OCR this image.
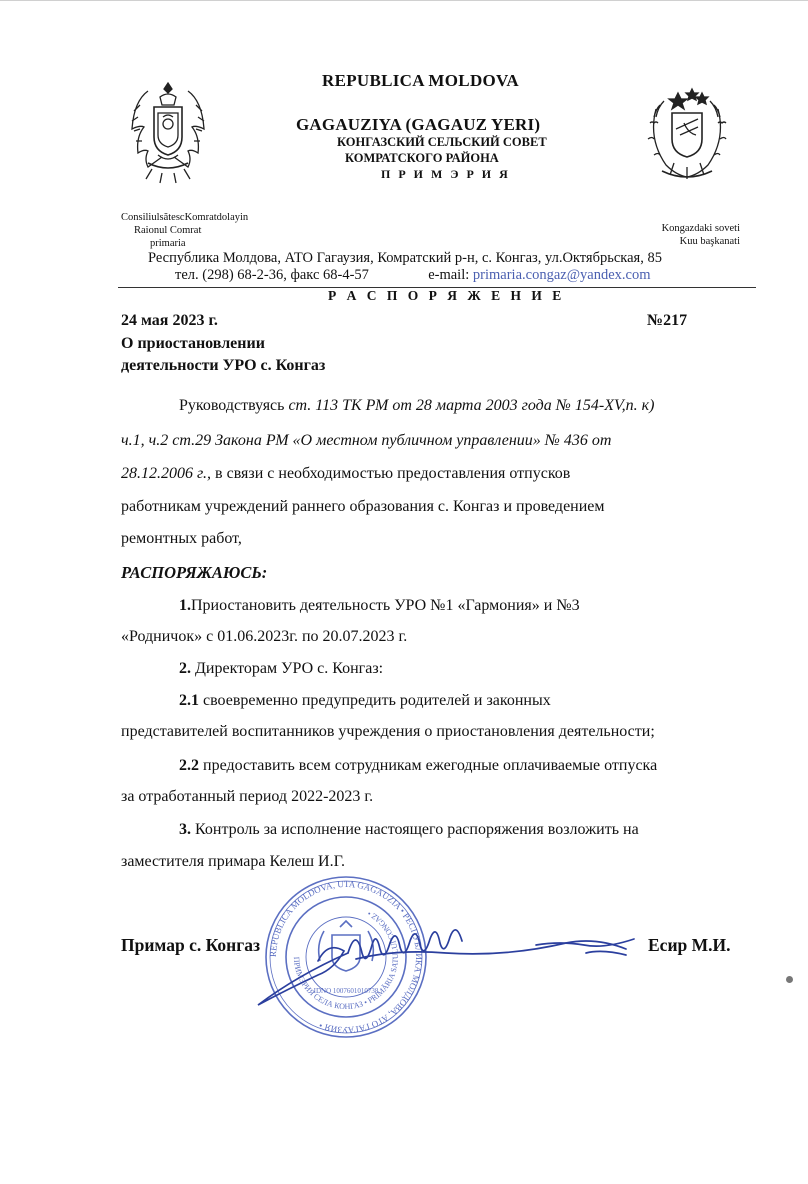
REPUBLICA MOLDOVA
GAGAUZIYA (GAGAUZ YERI)
КОНГАЗСКИЙ СЕЛЬСКИЙ СОВЕТ
КОМРАТСКОГО РАЙОНА
П Р И М Э Р И Я
ConsiliulsătescKomratdolayin
Raionul Comrat
primaria
Kongazdaki soveti
Kuu başkanati
Республика Молдова, АТО Гагаузия, Комратский р-н, с. Конгаз, ул.Октябрьская, 85
тел. (298) 68-2-36, факс 68-4-57	e-mail: primaria.congaz@yandex.com
Р А С П О Р Я Ж Е Н И Е
24 мая 2023 г.	№217
О приостановлении
деятельности УРО с. Конгаз
Руководствуясь ст. 113 ТК РМ от 28 марта 2003 года № 154-XV,п. к)
ч.1, ч.2 ст.29 Закона РМ «О местном публичном управлении» № 436 от
28.12.2006 г., в связи с необходимостью предоставления отпусков
работникам учреждений раннего образования с. Конгаз и проведением
ремонтных работ,
РАСПОРЯЖАЮСЬ:
1.Приостановить деятельность УРО №1 «Гармония» и №3
«Родничок» с 01.06.2023г. по 20.07.2023 г.
2. Директорам УРО с. Конгаз:
2.1 своевременно предупредить родителей и законных
представителей воспитанников учреждения о приостановления деятельности;
2.2 предоставить всем сотрудникам ежегодные оплачиваемые отпуска
за отработанный период 2022-2023 г.
3. Контроль за исполнение настоящего распоряжения возложить на
заместителя примара Келеш И.Г.
REPUBLICA MOLDOVA, UTA GAGAUZIA • РЕСПУБЛИКА МОЛДОВА, АТО ГАГАУЗИЯ •
ПРИМЭРИЯ СЕЛА КОНГАЗ • PRIMĂRIA SATULUI CONGAZ •
IDNO 1007601010738
Примар с. Конгаз	Есир М.И.
